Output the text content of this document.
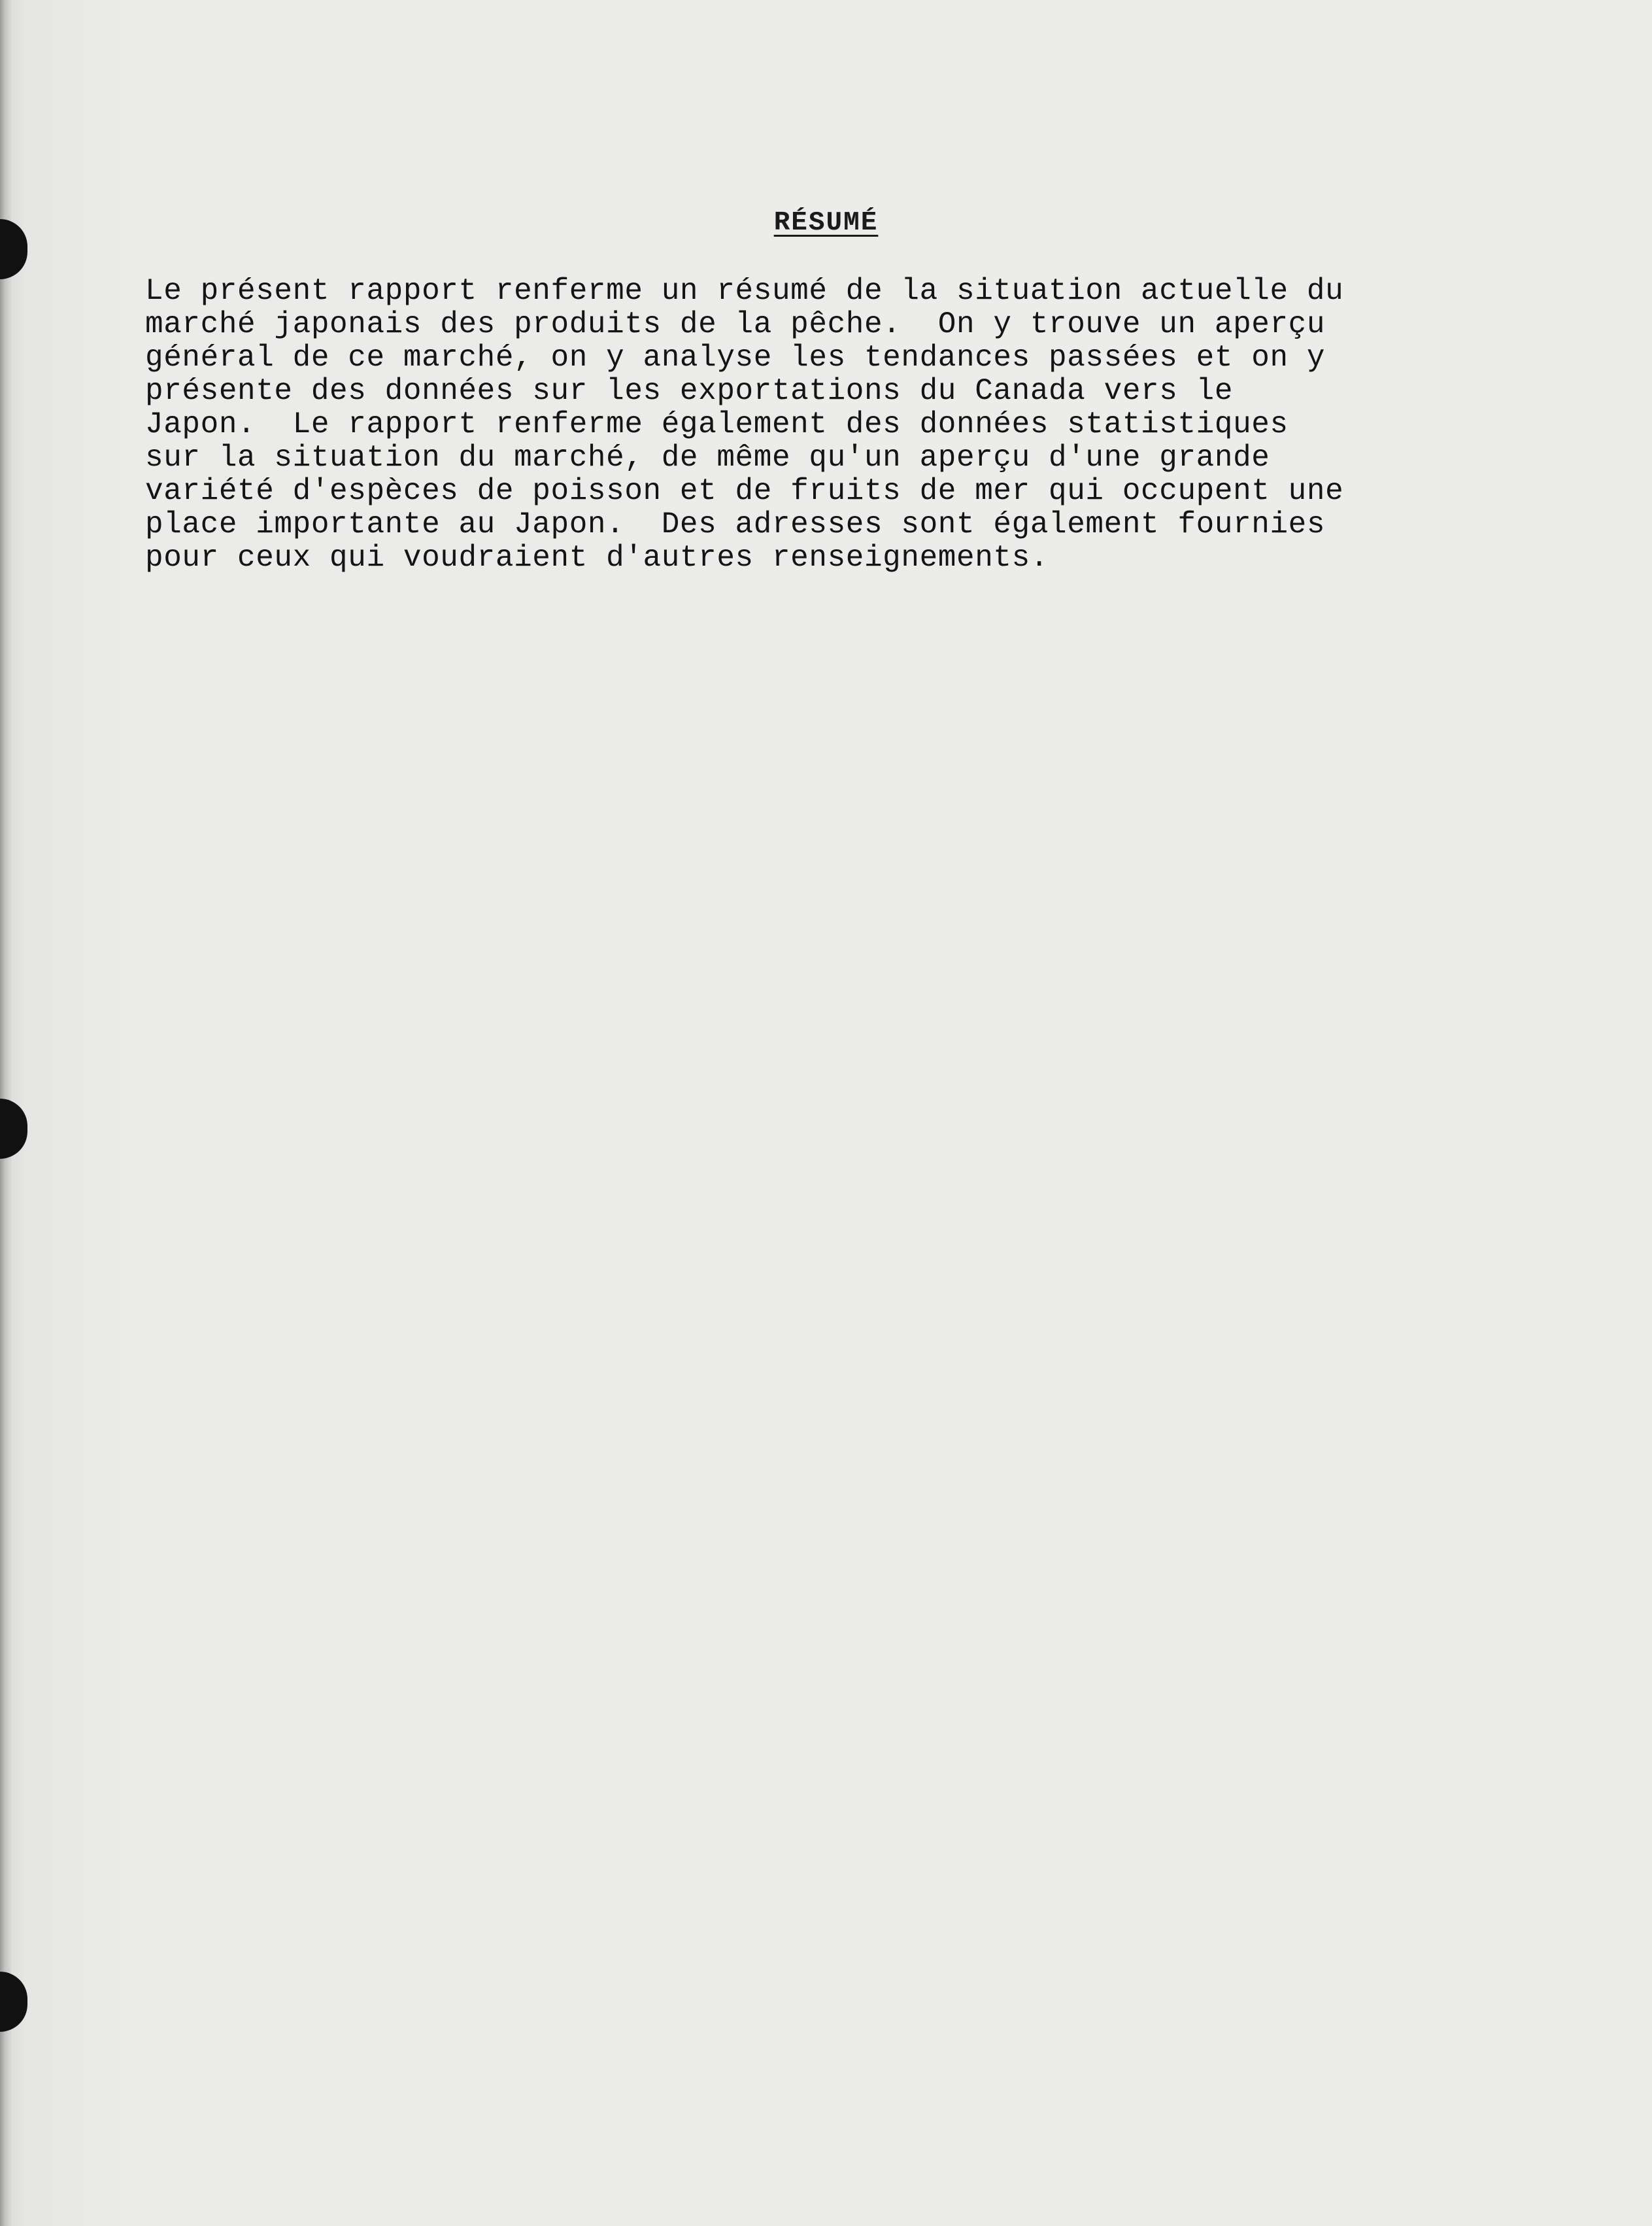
RÉSUMÉ
Le présent rapport renferme un résumé de la situation actuelle du
marché japonais des produits de la pêche.  On y trouve un aperçu
général de ce marché, on y analyse les tendances passées et on y
présente des données sur les exportations du Canada vers le
Japon.  Le rapport renferme également des données statistiques
sur la situation du marché, de même qu'un aperçu d'une grande
variété d'espèces de poisson et de fruits de mer qui occupent une
place importante au Japon.  Des adresses sont également fournies
pour ceux qui voudraient d'autres renseignements.
